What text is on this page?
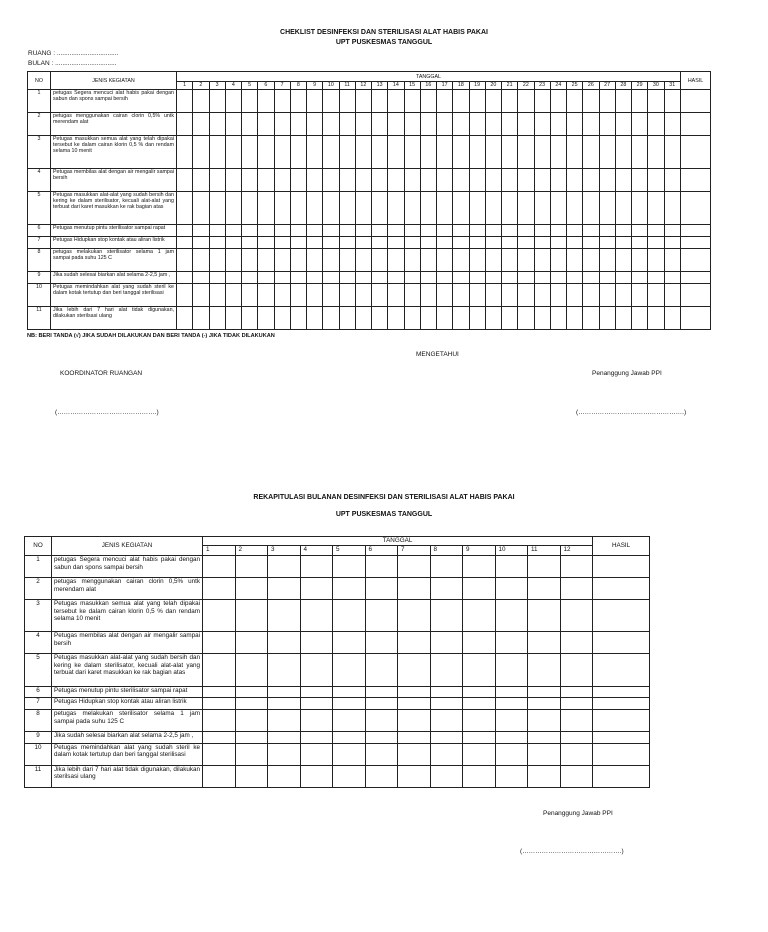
CHEKLIST DESINFEKSI DAN STERILISASI ALAT HABIS PAKAI
UPT PUSKESMAS TANGGUL
RUANG : ..................................
BULAN : ..................................
NO	JENIS KEGIATAN	TANGGAL																															HASIL
		1	2	3	4	5	6	7	8	9	10	11	12	13	14	15	16	17	18	19	20	21	22	23	24	25	26	27	28	29	30	31	
1	petugas Segera mencuci alat habis pakai dengan sabun dan spons sampai bersih																																
2	petugas menggunakan cairan clorin 0,5% untk merendam alat																																
3	Petugas masukkan semua alat yang telah dipakai tersebut ke dalam cairan klorin 0,5 % dan rendam selama 10 menit																																
4	Petugas membilas alat dengan air mengalir sampai bersih																																
5	Petugas masukkan alat-alat yang sudah bersih dan kering ke dalam sterilisator, kecuali alat-alat yang terbuat dari karet masukkan ke rak bagian atas																																
6	Petugas menutup pintu sterilisator sampai rapat																																
7	Petugas Hidupkan stop kontak atau aliran listrik																																
8	petugas melakukan sterilisator selama 1 jam sampai pada suhu 125 C																																
9	Jika sudah selesai biarkan alat selama 2-2,5 jam ,																																
10	Petugas memindahkan alat yang sudah steril ke dalam kotak tertutup dan beri tanggal sterilisasi																																
11	Jika lebih dari 7 hari alat tidak digunakan, dilakukan sterilsasi ulang																																
NB: BERI TANDA (√) JIKA SUDAH DILAKUKAN DAN BERI TANDA (-) JIKA TIDAK DILAKUKAN
MENGETAHUI
KOORDINATOR RUANGAN	Penanggung Jawab PPI
(……………………………………….)	(………………………………………….)
REKAPITULASI BULANAN DESINFEKSI DAN STERILISASI ALAT HABIS PAKAI
UPT PUSKESMAS TANGGUL
NO	JENIS KEGIATAN	TANGGAL												HASIL
		1	2	3	4	5	6	7	8	9	10	11	12	
1	petugas Segera mencuci alat habis pakai dengan sabun dan spons sampai bersih													
2	petugas menggunakan cairan clorin 0,5% untk merendam alat													
3	Petugas masukkan semua alat yang telah dipakai tersebut ke dalam cairan klorin 0,5 % dan rendam selama 10 menit													
4	Petugas membilas alat dengan air mengalir sampai bersih													
5	Petugas masukkan alat-alat yang sudah bersih dan kering ke dalam sterilisator, kecuali alat-alat yang terbuat dari karet masukkan ke rak bagian atas													
6	Petugas menutup pintu sterilisator sampai rapat													
7	Petugas Hidupkan stop kontak atau aliran listrik													
8	petugas melakukan sterilisator selama 1 jam sampai pada suhu 125 C													
9	Jika sudah selesai biarkan alat selama 2-2,5 jam ,													
10	Petugas memindahkan alat yang sudah steril ke dalam kotak tertutup dan beri tanggal sterilisasi													
11	Jika lebih dari 7 hari alat tidak digunakan, dilakukan sterilsasi ulang													
Penanggung Jawab PPI
(……………………………………….)
